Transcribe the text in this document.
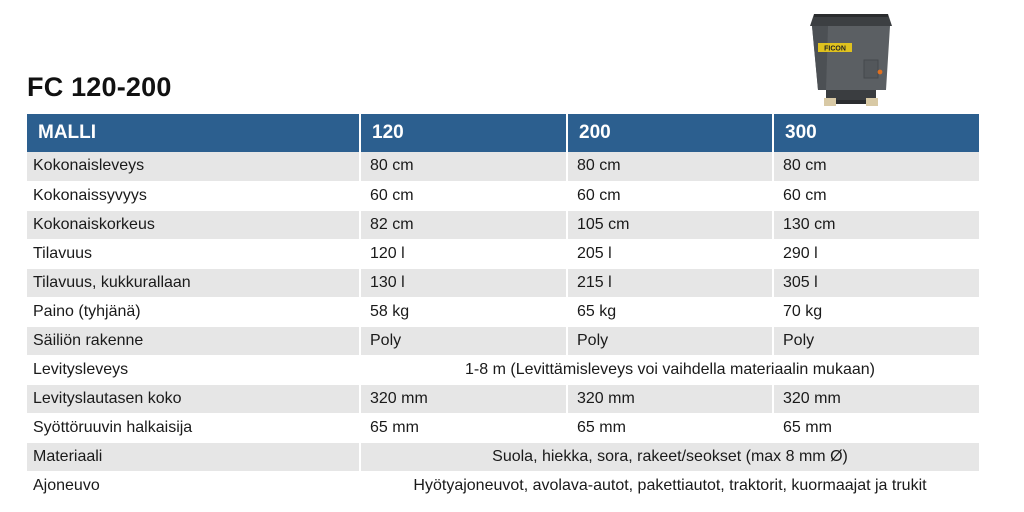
FC 120-200
FICON
MALLI	120	200	300
Kokonaisleveys	80 cm	80 cm	80 cm
Kokonaissyvyys	60 cm	60 cm	60 cm
Kokonaiskorkeus	82 cm	105 cm	130 cm
Tilavuus	120 l	205 l	290 l
Tilavuus, kukkurallaan	130 l	215 l	305 l
Paino (tyhjänä)	58 kg	65 kg	70 kg
Säiliön rakenne	Poly	Poly	Poly
Levitysleveys	1-8 m (Levittämisleveys voi vaihdella materiaalin mukaan)		
Levityslautasen koko	320 mm	320 mm	320 mm
Syöttöruuvin halkaisija	65 mm	65 mm	65 mm
Materiaali	Suola, hiekka, sora, rakeet/seokset (max 8 mm Ø)		
Ajoneuvo	Hyötyajoneuvot, avolava-autot, pakettiautot, traktorit, kuormaajat ja trukit		
